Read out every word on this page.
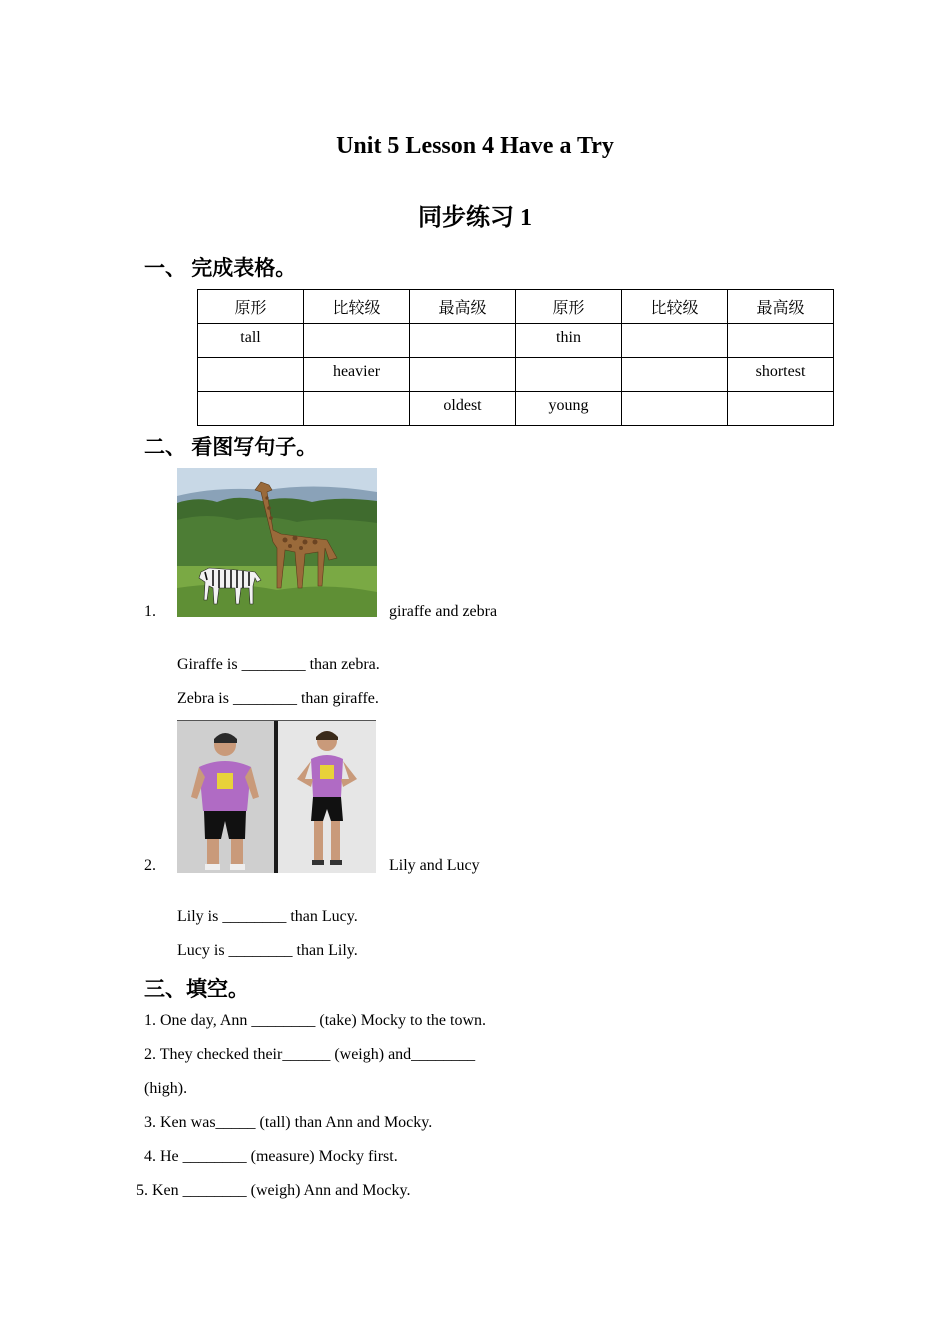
Unit 5 Lesson 4 Have a Try
同步练习 1
一、 完成表格。
原形	比较级	最高级	原形	比较级	最高级
tall			thin		
	heavier				shortest
		oldest	young		
二、 看图写句子。
1.	giraffe and zebra
Giraffe is ________ than zebra.
Zebra is ________ than giraffe.
2.	Lily and Lucy
Lily is ________ than Lucy.
Lucy is ________ than Lily.
三、填空。
1. One day, Ann ________ (take) Mocky to the town.
2. They checked their______ (weigh) and________
(high).
3. Ken was_____ (tall) than Ann and Mocky.
4. He ________ (measure) Mocky first.
5. Ken ________ (weigh) Ann and Mocky.
